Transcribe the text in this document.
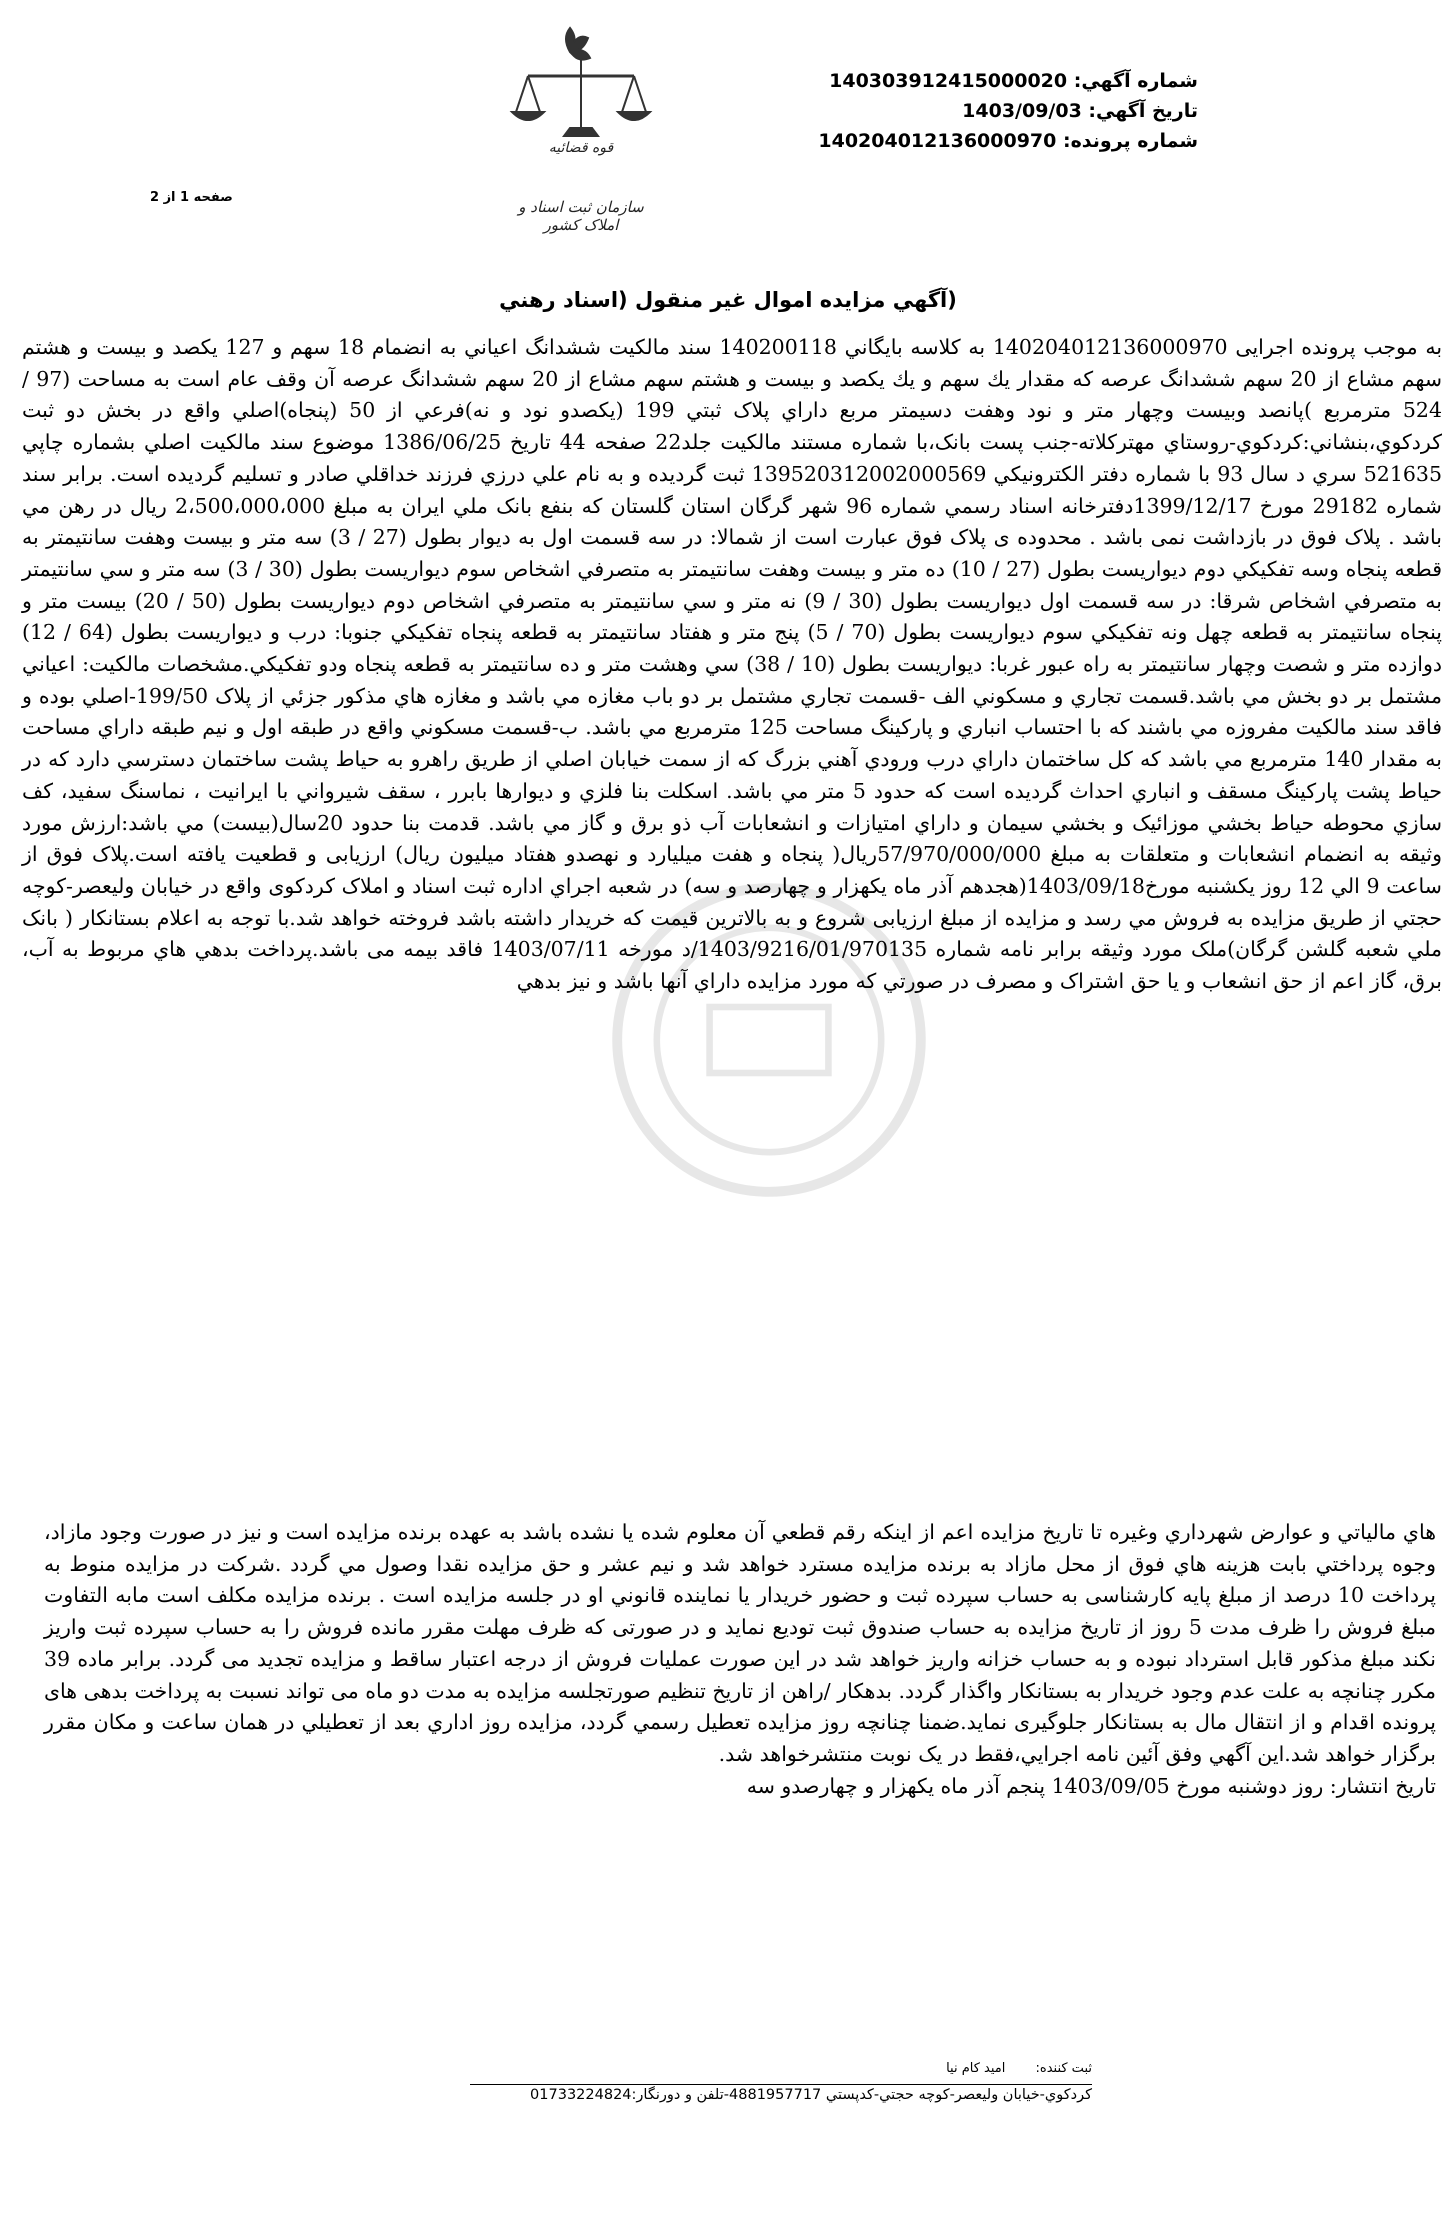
قوه قضائيه
سازمان ثبت اسناد و املاک کشور
شماره آگهي: 140303912415000020
تاريخ آگهي: 1403/09/03
شماره پرونده: 140204012136000970
صفحه 1 از 2
(آگهي مزايده اموال غير منقول (اسناد رهني
به موجب پرونده اجرايی 140204012136000970 به كلاسه بايگاني 140200118 سند مالکيت ششدانگ اعياني به انضمام 18 سهم و 127 يکصد و بيست و هشتم سهم مشاع از 20 سهم ششدانگ عرصه که مقدار يك سهم و يك يکصد و بيست و هشتم سهم مشاع از 20 سهم ششدانگ عرصه آن وقف عام است به مساحت (97 / 524 مترمربع )پانصد وبيست وچهار متر و نود وهفت دسيمتر مربع داراي پلاک ثبتي 199 (يکصدو نود و نه)فرعي از 50 (پنجاه)اصلي واقع در بخش دو ثبت کردکوي،بنشاني:کردکوي-روستاي مهترکلاته-جنب پست بانک،با شماره مستند مالکيت جلد22 صفحه 44 تاريخ 1386/06/25 موضوع سند مالکيت اصلي بشماره چاپي 521635 سري د سال 93 با شماره دفتر الکترونيکي 139520312002000569 ثبت گرديده و به نام علي درزي فرزند خداقلي صادر و تسليم گرديده است. برابر سند شماره 29182 مورخ 1399/12/17دفترخانه اسناد رسمي شماره 96 شهر گرگان استان گلستان که بنفع بانک ملي ايران به مبلغ 2،500،000،000 ريال در رهن مي باشد . پلاک فوق در بازداشت نمی باشد . محدوده ی پلاک فوق عبارت است از شمالا: در سه قسمت اول به ديوار بطول (27 / 3) سه متر و بيست وهفت سانتيمتر به قطعه پنجاه وسه تفکيکي دوم ديواريست بطول (27 / 10) ده متر و بيست وهفت سانتيمتر به متصرفي اشخاص سوم ديواريست بطول (30 / 3) سه متر و سي سانتيمتر به متصرفي اشخاص شرقا: در سه قسمت اول ديواريست بطول (30 / 9) نه متر و سي سانتيمتر به متصرفي اشخاص دوم ديواريست بطول (50 / 20) بيست متر و پنجاه سانتيمتر به قطعه چهل ونه تفکيکي سوم ديواريست بطول (70 / 5) پنج متر و هفتاد سانتيمتر به قطعه پنجاه تفکيکي جنوبا: درب و ديواريست بطول (64 / 12) دوازده متر و شصت وچهار سانتيمتر به راه عبور غربا: ديواريست بطول (10 / 38) سي وهشت متر و ده سانتيمتر به قطعه پنجاه ودو تفکيکي.مشخصات مالکيت: اعياني مشتمل بر دو بخش مي باشد.قسمت تجاري و مسکوني الف -قسمت تجاري مشتمل بر دو باب مغازه مي باشد و مغازه هاي مذکور جزئي از پلاک 199/50-اصلي بوده و فاقد سند مالکيت مفروزه مي باشند که با احتساب انباري و پارکينگ مساحت 125 مترمربع مي باشد. ب-قسمت مسکوني واقع در طبقه اول و نيم طبقه داراي مساحت به مقدار 140 مترمربع مي باشد که کل ساختمان داراي درب ورودي آهني بزرگ که از سمت خيابان اصلي از طريق راهرو به حياط پشت ساختمان دسترسي دارد که در حياط پشت پارکينگ مسقف و انباري احداث گرديده است که حدود 5 متر مي باشد. اسکلت بنا فلزي و ديوارها بابرر ، سقف شيرواني با ايرانيت ، نماسنگ سفيد، کف سازي محوطه حياط بخشي موزائيک و بخشي سيمان و داراي امتيازات و انشعابات آب ذو برق و گاز مي باشد. قدمت بنا حدود 20سال(بيست) مي باشد:ارزش مورد وثيقه به انضمام انشعابات و متعلقات به مبلغ 57/970/000/000ريال( پنجاه و هفت ميليارد و نهصدو هفتاد ميليون ريال) ارزيابی و قطعيت يافته است.پلاک فوق از ساعت 9 الي 12 روز يکشنبه مورخ1403/09/18(هجدهم آذر ماه يکهزار و چهارصد و سه) در شعبه اجراي اداره ثبت اسناد و املاک کردکوی واقع در خيابان وليعصر-کوچه حجتي از طريق مزايده به فروش مي رسد و مزايده از مبلغ ارزيابی شروع و به بالاترين قيمت که خريدار داشته باشد فروخته خواهد شد.با توجه به اعلام بستانکار ( بانک ملي شعبه گلشن گرگان)ملک مورد وثيقه برابر نامه شماره 1403/9216/01/970135/د مورخه 1403/07/11 فاقد بيمه می باشد.پرداخت بدهي هاي مربوط به آب، برق، گاز اعم از حق انشعاب و يا حق اشتراک و مصرف در صورتي که مورد مزايده داراي آنها باشد و نيز بدهي
هاي مالياتي و عوارض شهرداري وغيره تا تاريخ مزايده اعم از اينکه رقم قطعي آن معلوم شده يا نشده باشد به عهده برنده مزايده است و نيز در صورت وجود مازاد، وجوه پرداختي بابت هزينه هاي فوق از محل مازاد به برنده مزايده مسترد خواهد شد و نيم عشر و حق مزايده نقدا وصول مي گردد .شرکت در مزايده منوط به پرداخت 10 درصد از مبلغ پايه کارشناسی به حساب سپرده ثبت و حضور خريدار يا نماينده قانوني او در جلسه مزايده است . برنده مزايده مکلف است مابه التفاوت مبلغ فروش را ظرف مدت 5 روز از تاريخ مزايده به حساب صندوق ثبت توديع نمايد و در صورتی که ظرف مهلت مقرر مانده فروش را به حساب سپرده ثبت واريز نکند مبلغ مذکور قابل استرداد نبوده و به حساب خزانه واريز خواهد شد در اين صورت عمليات فروش از درجه اعتبار ساقط و مزايده تجديد می گردد. برابر ماده 39 مکرر چنانچه به علت عدم وجود خريدار به بستانکار واگذار گردد. بدهکار /راهن از تاريخ تنظيم صورتجلسه مزايده به مدت دو ماه می تواند نسبت به پرداخت بدهی های پرونده اقدام و از انتقال مال به بستانکار جلوگيری نمايد.ضمنا چنانچه روز مزايده تعطيل رسمي گردد، مزايده روز اداري بعد از تعطيلي در همان ساعت و مکان مقرر برگزار خواهد شد.اين آگهي وفق آئين نامه اجرايي،فقط در يک نوبت منتشرخواهد شد.
تاريخ انتشار: روز دوشنبه مورخ 1403/09/05 پنجم آذر ماه يکهزار و چهارصدو سه
ثبت کننده: اميد کام نيا
کردکوي-خيابان وليعصر-کوچه حجتي-کدپستي 4881957717-تلفن و دورنگار:01733224824
